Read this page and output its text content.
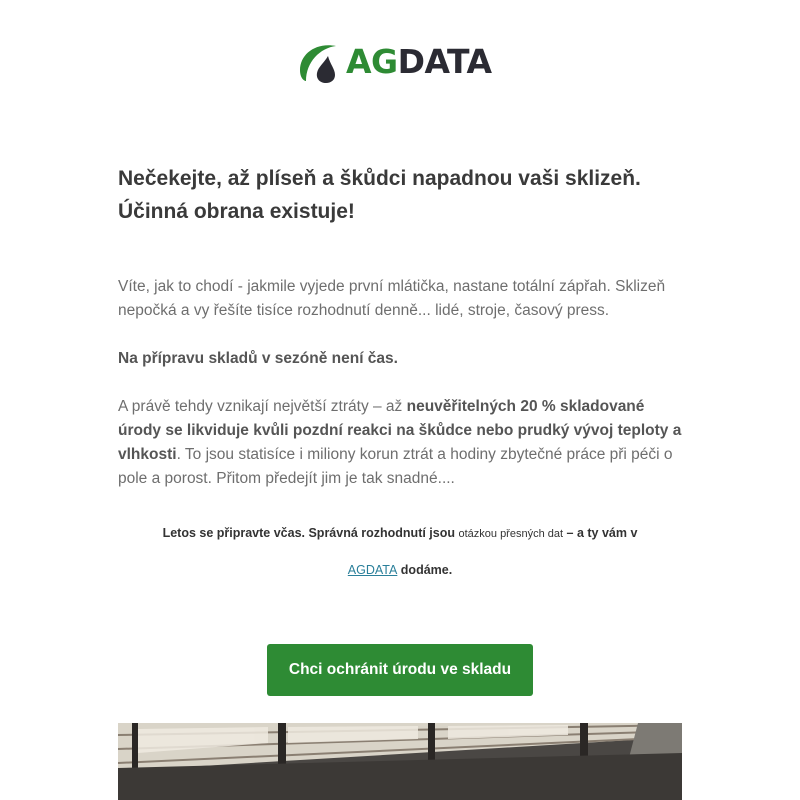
AGDATA
Nečekejte, až plíseň a škůdci napadnou vaši sklizeň.
Účinná obrana existuje!

Víte, jak to chodí - jakmile vyjede první mlátička, nastane totální zápřah. Sklizeň nepočká a vy řešíte tisíce rozhodnutí denně... lidé, stroje, časový press.

Na přípravu skladů v sezóně není čas.

A právě tehdy vznikají největší ztráty – až neuvěřitelných 20 % skladované úrody se likviduje kvůli pozdní reakci na škůdce nebo prudký vývoj teploty a vlhkosti. To jsou statisíce i miliony korun ztrát a hodiny zbytečné práce při péči o pole a porost. Přitom předejít jim je tak snadné....

Letos se připravte včas. Správná rozhodnutí jsou otázkou přesných dat – a ty vám v

AGDATA dodáme.

Chci ochránit úrodu ve skladu
